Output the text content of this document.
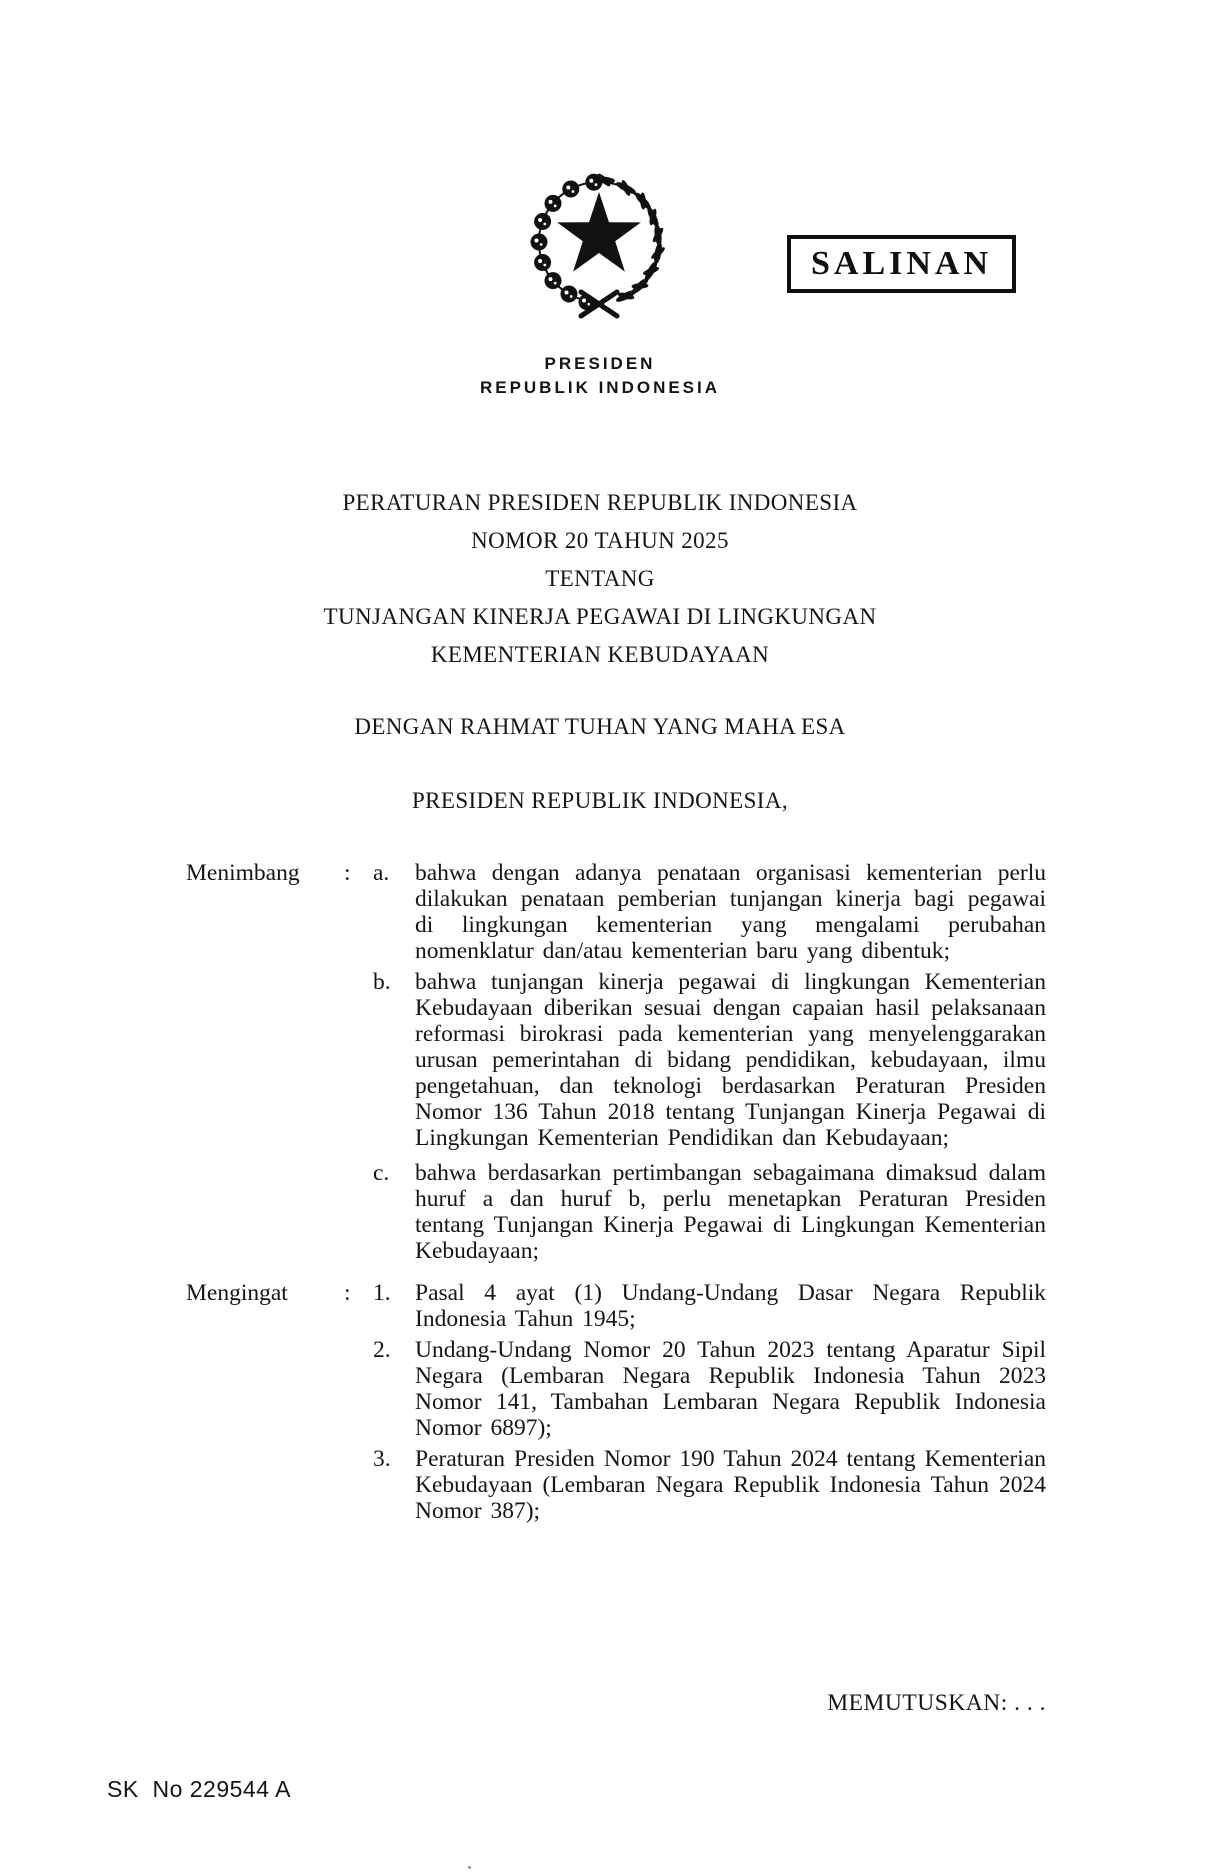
SALINAN
PRESIDEN
REPUBLIK INDONESIA
PERATURAN PRESIDEN REPUBLIK INDONESIA
NOMOR 20 TAHUN 2025
TENTANG
TUNJANGAN KINERJA PEGAWAI DI LINGKUNGAN
KEMENTERIAN KEBUDAYAAN
DENGAN RAHMAT TUHAN YANG MAHA ESA
PRESIDEN REPUBLIK INDONESIA,
Menimbang	: a.	bahwa dengan adanya penataan organisasi kementerian perlu dilakukan penataan pemberian tunjangan kinerja bagi pegawai di lingkungan kementerian yang mengalami perubahan nomenklatur dan/atau kementerian baru yang dibentuk;
b.	bahwa tunjangan kinerja pegawai di lingkungan Kementerian Kebudayaan diberikan sesuai dengan capaian hasil pelaksanaan reformasi birokrasi pada kementerian yang menyelenggarakan urusan pemerintahan di bidang pendidikan, kebudayaan, ilmu pengetahuan, dan teknologi berdasarkan Peraturan Presiden Nomor 136 Tahun 2018 tentang Tunjangan Kinerja Pegawai di Lingkungan Kementerian Pendidikan dan Kebudayaan;
c.	bahwa berdasarkan pertimbangan sebagaimana dimaksud dalam huruf a dan huruf b, perlu menetapkan Peraturan Presiden tentang Tunjangan Kinerja Pegawai di Lingkungan Kementerian Kebudayaan;
Mengingat	: 1.	Pasal 4 ayat (1) Undang-Undang Dasar Negara Republik Indonesia Tahun 1945;
2.	Undang-Undang Nomor 20 Tahun 2023 tentang Aparatur Sipil Negara (Lembaran Negara Republik Indonesia Tahun 2023 Nomor 141, Tambahan Lembaran Negara Republik Indonesia Nomor 6897);
3.	Peraturan Presiden Nomor 190 Tahun 2024 tentang Kementerian Kebudayaan (Lembaran Negara Republik Indonesia Tahun 2024 Nomor 387);
MEMUTUSKAN: . . .
SK  No 229544 A
